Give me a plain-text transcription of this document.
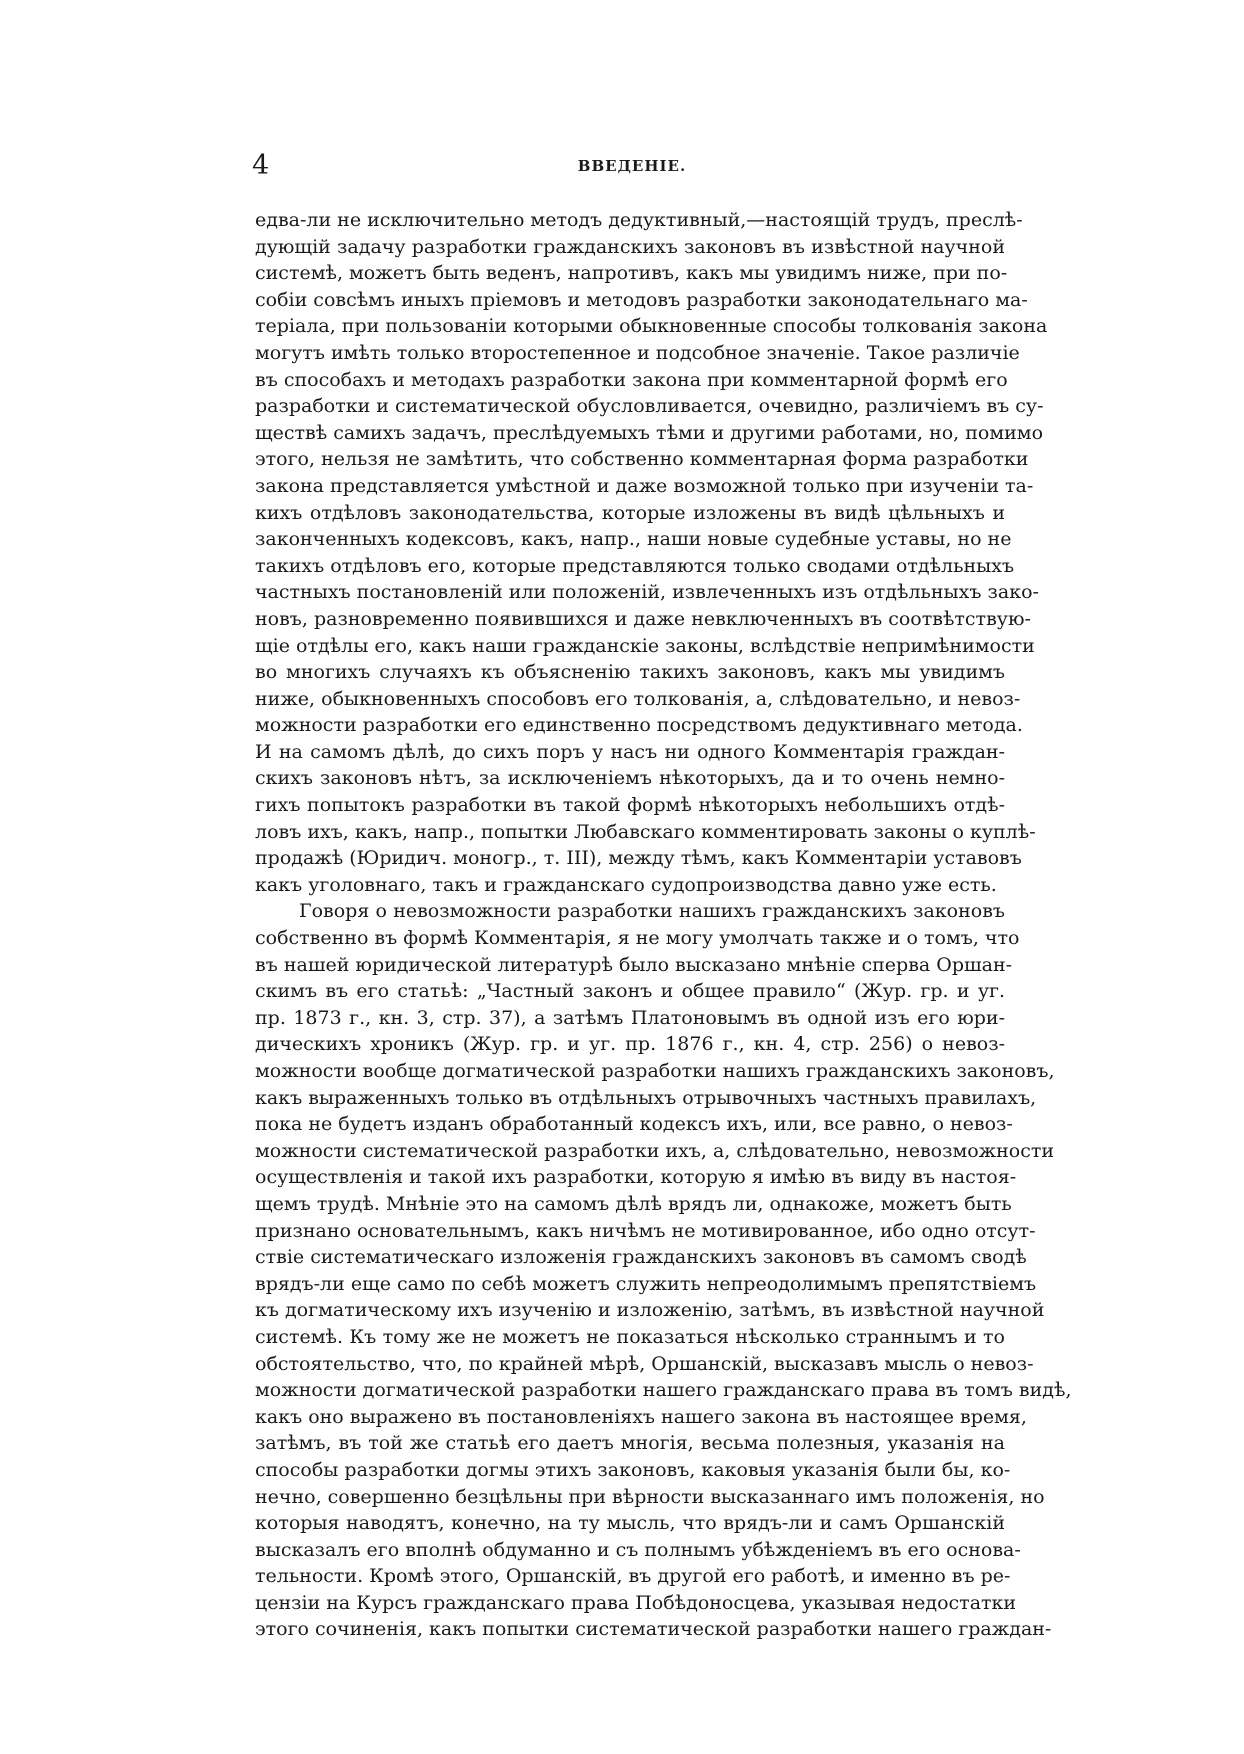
4	ВВЕДЕНІЕ.
едва-ли не исключительно методъ дедуктивный,—настоящій трудъ, преслѣ-
дующій задачу разработки гражданскихъ законовъ въ извѣстной научной
системѣ, можетъ быть веденъ, напротивъ, какъ мы увидимъ ниже, при по-
собіи совсѣмъ иныхъ пріемовъ и методовъ разработки законодательнаго ма-
теріала, при пользованіи которыми обыкновенные способы толкованія закона
могутъ имѣть только второстепенное и подсобное значеніе. Такое различіе
въ способахъ и методахъ разработки закона при комментарной формѣ его
разработки и систематической обусловливается, очевидно, различіемъ въ су-
ществѣ самихъ задачъ, преслѣдуемыхъ тѣми и другими работами, но, помимо
этого, нельзя не замѣтить, что собственно комментарная форма разработки
закона представляется умѣстной и даже возможной только при изученіи та-
кихъ отдѣловъ законодательства, которые изложены въ видѣ цѣльныхъ и
законченныхъ кодексовъ, какъ, напр., наши новые судебные уставы, но не
такихъ отдѣловъ его, которые представляются только сводами отдѣльныхъ
частныхъ постановленій или положеній, извлеченныхъ изъ отдѣльныхъ зако-
новъ, разновременно появившихся и даже невключенныхъ въ соотвѣтствую-
щіе отдѣлы его, какъ наши гражданскіе законы, вслѣдствіе непримѣнимости
во многихъ случаяхъ къ объясненію такихъ законовъ, какъ мы увидимъ
ниже, обыкновенныхъ способовъ его толкованія, а, слѣдовательно, и невоз-
можности разработки его единственно посредствомъ дедуктивнаго метода.
И на самомъ дѣлѣ, до сихъ поръ у насъ ни одного Комментарія граждан-
скихъ законовъ нѣтъ, за исключеніемъ нѣкоторыхъ, да и то очень немно-
гихъ попытокъ разработки въ такой формѣ нѣкоторыхъ небольшихъ отдѣ-
ловъ ихъ, какъ, напр., попытки Любавскаго комментировать законы о куплѣ-
продажѣ (Юридич. моногр., т. III), между тѣмъ, какъ Комментаріи уставовъ
какъ уголовнаго, такъ и гражданскаго судопроизводства давно уже есть.
Говоря о невозможности разработки нашихъ гражданскихъ законовъ
собственно въ формѣ Комментарія, я не могу умолчать также и о томъ, что
въ нашей юридической литературѣ было высказано мнѣніе сперва Оршан-
скимъ въ его статьѣ: „Частный законъ и общее правило“ (Жур. гр. и уг.
пр. 1873 г., кн. 3, стр. 37), а затѣмъ Платоновымъ въ одной изъ его юри-
дическихъ хроникъ (Жур. гр. и уг. пр. 1876 г., кн. 4, стр. 256) о невоз-
можности вообще догматической разработки нашихъ гражданскихъ законовъ,
какъ выраженныхъ только въ отдѣльныхъ отрывочныхъ частныхъ правилахъ,
пока не будетъ изданъ обработанный кодексъ ихъ, или, все равно, о невоз-
можности систематической разработки ихъ, а, слѣдовательно, невозможности
осуществленія и такой ихъ разработки, которую я имѣю въ виду въ настоя-
щемъ трудѣ. Мнѣніе это на самомъ дѣлѣ врядъ ли, однакоже, можетъ быть
признано основательнымъ, какъ ничѣмъ не мотивированное, ибо одно отсут-
ствіе систематическаго изложенія гражданскихъ законовъ въ самомъ сводѣ
врядъ-ли еще само по себѣ можетъ служить непреодолимымъ препятствіемъ
къ догматическому ихъ изученію и изложенію, затѣмъ, въ извѣстной научной
системѣ. Къ тому же не можетъ не показаться нѣсколько страннымъ и то
обстоятельство, что, по крайней мѣрѣ, Оршанскій, высказавъ мысль о невоз-
можности догматической разработки нашего гражданскаго права въ томъ видѣ,
какъ оно выражено въ постановленіяхъ нашего закона въ настоящее время,
затѣмъ, въ той же статьѣ его даетъ многія, весьма полезныя, указанія на
способы разработки догмы этихъ законовъ, каковыя указанія были бы, ко-
нечно, совершенно безцѣльны при вѣрности высказаннаго имъ положенія, но
которыя наводятъ, конечно, на ту мысль, что врядъ-ли и самъ Оршанскій
высказалъ его вполнѣ обдуманно и съ полнымъ убѣжденіемъ въ его основа-
тельности. Кромѣ этого, Оршанскій, въ другой его работѣ, и именно въ ре-
цензіи на Курсъ гражданскаго права Побѣдоносцева, указывая недостатки
этого сочиненія, какъ попытки систематической разработки нашего граждан-
